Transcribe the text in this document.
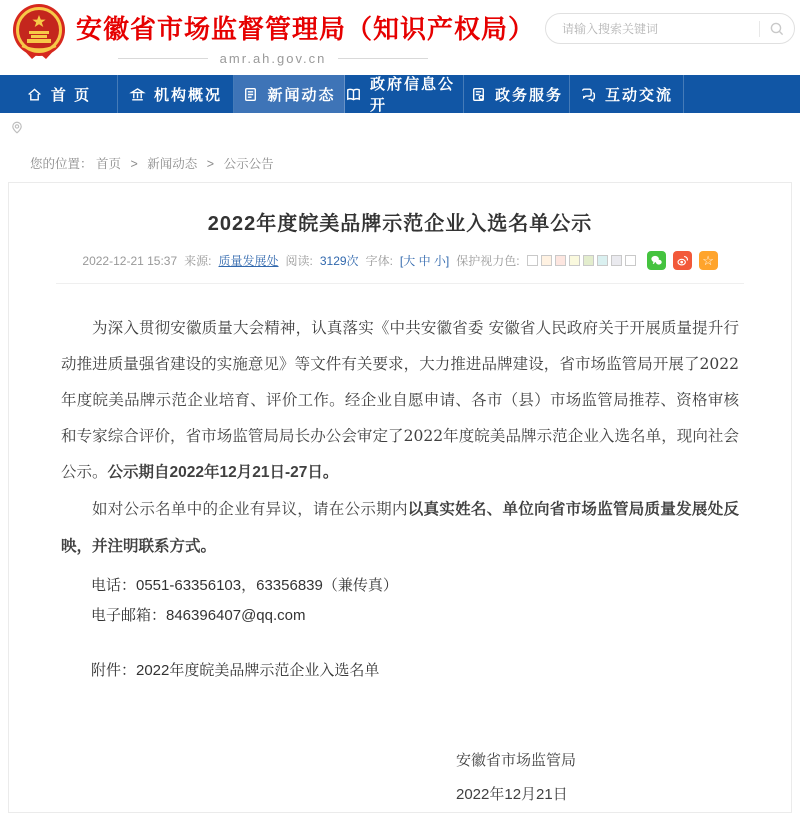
安徽省市场监督管理局（知识产权局）
amr.ah.gov.cn
请输入搜索关键词
首 页	机构概况	新闻动态
政府信息公开
政务服务	互动交流
您的位置： 首页 > 新闻动态 > 公示公告
2022年度皖美品牌示范企业入选名单公示
2022-12-21 15:37 来源: 质量发展处 阅读: 3129次 字体: [大 中 小] 保护视力色:	☆

为深入贯彻安徽质量大会精神，认真落实《中共安徽省委 安徽省人民政府关于开展质量提升行动推进质量强省建设的实施意见》等文件有关要求，大力推进品牌建设，省市场监管局开展了2022年度皖美品牌示范企业培育、评价工作。经企业自愿申请、各市（县）市场监管局推荐、资格审核和专家综合评价，省市场监管局局长办公会审定了2022年度皖美品牌示范企业入选名单，现向社会公示。公示期自2022年12月21日-27日。

如对公示名单中的企业有异议，请在公示期内以真实姓名、单位向省市场监管局质量发展处反映，并注明联系方式。

电话：0551-63356103，63356839（兼传真）
电子邮箱：846396407@qq.com
附件：2022年度皖美品牌示范企业入选名单
安徽省市场监管局
2022年12月21日
